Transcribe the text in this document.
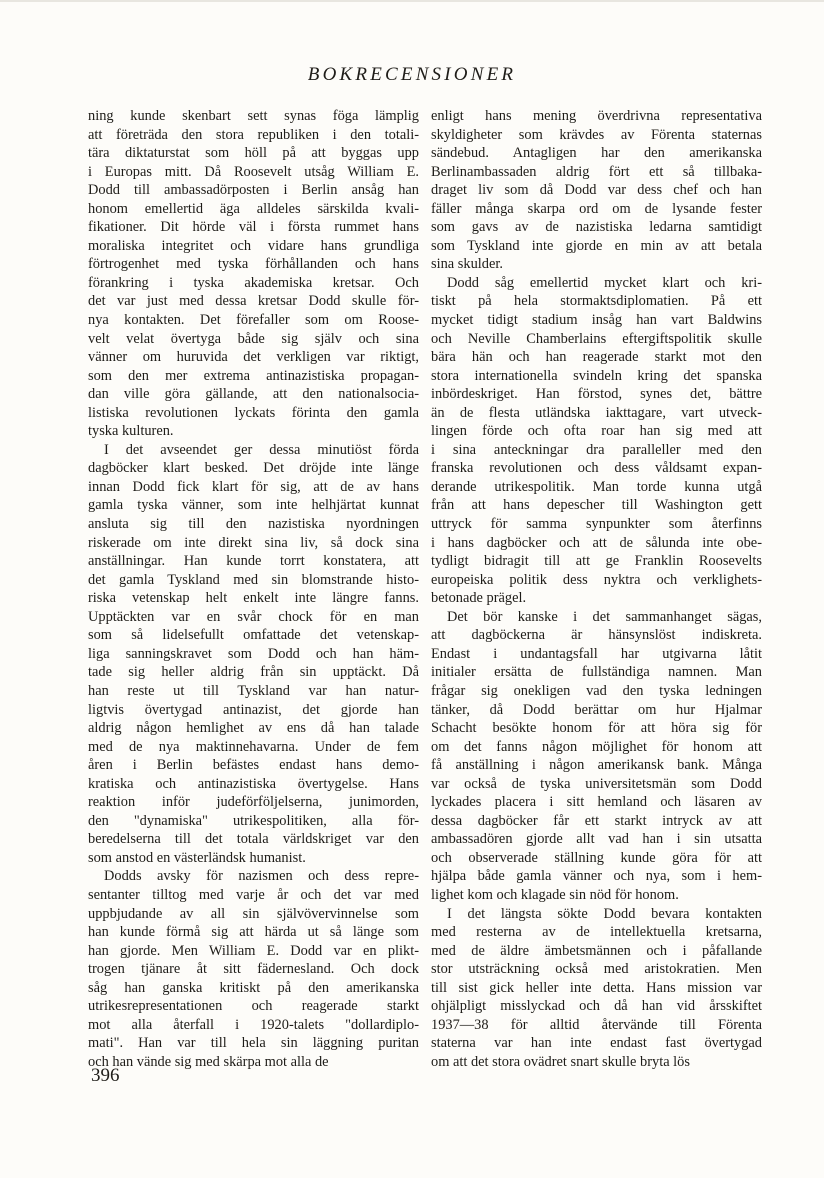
BOKRECENSIONER
ning kunde skenbart sett synas föga lämplig
att företräda den stora republiken i den totali-
tära diktaturstat som höll på att byggas upp
i Europas mitt. Då Roosevelt utsåg William E.
Dodd till ambassadörposten i Berlin ansåg han
honom emellertid äga alldeles särskilda kvali-
fikationer. Dit hörde väl i första rummet hans
moraliska integritet och vidare hans grundliga
förtrogenhet med tyska förhållanden och hans
förankring i tyska akademiska kretsar. Och
det var just med dessa kretsar Dodd skulle för-
nya kontakten. Det förefaller som om Roose-
velt velat övertyga både sig själv och sina
vänner om huruvida det verkligen var riktigt,
som den mer extrema antinazistiska propagan-
dan ville göra gällande, att den nationalsocia-
listiska revolutionen lyckats förinta den gamla
tyska kulturen.
I det avseendet ger dessa minutiöst förda
dagböcker klart besked. Det dröjde inte länge
innan Dodd fick klart för sig, att de av hans
gamla tyska vänner, som inte helhjärtat kunnat
ansluta sig till den nazistiska nyordningen
riskerade om inte direkt sina liv, så dock sina
anställningar. Han kunde torrt konstatera, att
det gamla Tyskland med sin blomstrande histo-
riska vetenskap helt enkelt inte längre fanns.
Upptäckten var en svår chock för en man
som så lidelsefullt omfattade det vetenskap-
liga sanningskravet som Dodd och han häm-
tade sig heller aldrig från sin upptäckt. Då
han reste ut till Tyskland var han natur-
ligtvis övertygad antinazist, det gjorde han
aldrig någon hemlighet av ens då han talade
med de nya maktinnehavarna. Under de fem
åren i Berlin befästes endast hans demo-
kratiska och antinazistiska övertygelse. Hans
reaktion inför judeförföljelserna, junimorden,
den "dynamiska" utrikespolitiken, alla för-
beredelserna till det totala världskriget var den
som anstod en västerländsk humanist.
Dodds avsky för nazismen och dess repre-
sentanter tilltog med varje år och det var med
uppbjudande av all sin självövervinnelse som
han kunde förmå sig att härda ut så länge som
han gjorde. Men William E. Dodd var en plikt-
trogen tjänare åt sitt fädernesland. Och dock
såg han ganska kritiskt på den amerikanska
utrikesrepresentationen och reagerade starkt
mot alla återfall i 1920-talets "dollardiplo-
mati". Han var till hela sin läggning puritan
och han vände sig med skärpa mot alla de
enligt hans mening överdrivna representativa
skyldigheter som krävdes av Förenta staternas
sändebud. Antagligen har den amerikanska
Berlinambassaden aldrig fört ett så tillbaka-
draget liv som då Dodd var dess chef och han
fäller många skarpa ord om de lysande fester
som gavs av de nazistiska ledarna samtidigt
som Tyskland inte gjorde en min av att betala
sina skulder.
Dodd såg emellertid mycket klart och kri-
tiskt på hela stormaktsdiplomatien. På ett
mycket tidigt stadium insåg han vart Baldwins
och Neville Chamberlains eftergiftspolitik skulle
bära hän och han reagerade starkt mot den
stora internationella svindeln kring det spanska
inbördeskriget. Han förstod, synes det, bättre
än de flesta utländska iakttagare, vart utveck-
lingen förde och ofta roar han sig med att
i sina anteckningar dra paralleller med den
franska revolutionen och dess våldsamt expan-
derande utrikespolitik. Man torde kunna utgå
från att hans depescher till Washington gett
uttryck för samma synpunkter som återfinns
i hans dagböcker och att de sålunda inte obe-
tydligt bidragit till att ge Franklin Roosevelts
europeiska politik dess nyktra och verklighets-
betonade prägel.
Det bör kanske i det sammanhanget sägas,
att dagböckerna är hänsynslöst indiskreta.
Endast i undantagsfall har utgivarna låtit
initialer ersätta de fullständiga namnen. Man
frågar sig onekligen vad den tyska ledningen
tänker, då Dodd berättar om hur Hjalmar
Schacht besökte honom för att höra sig för
om det fanns någon möjlighet för honom att
få anställning i någon amerikansk bank. Många
var också de tyska universitetsmän som Dodd
lyckades placera i sitt hemland och läsaren av
dessa dagböcker får ett starkt intryck av att
ambassadören gjorde allt vad han i sin utsatta
och observerade ställning kunde göra för att
hjälpa både gamla vänner och nya, som i hem-
lighet kom och klagade sin nöd för honom.
I det längsta sökte Dodd bevara kontakten
med resterna av de intellektuella kretsarna,
med de äldre ämbetsmännen och i påfallande
stor utsträckning också med aristokratien. Men
till sist gick heller inte detta. Hans mission var
ohjälpligt misslyckad och då han vid årsskiftet
1937—38 för alltid återvände till Förenta
staterna var han inte endast fast övertygad
om att det stora ovädret snart skulle bryta lös
396
